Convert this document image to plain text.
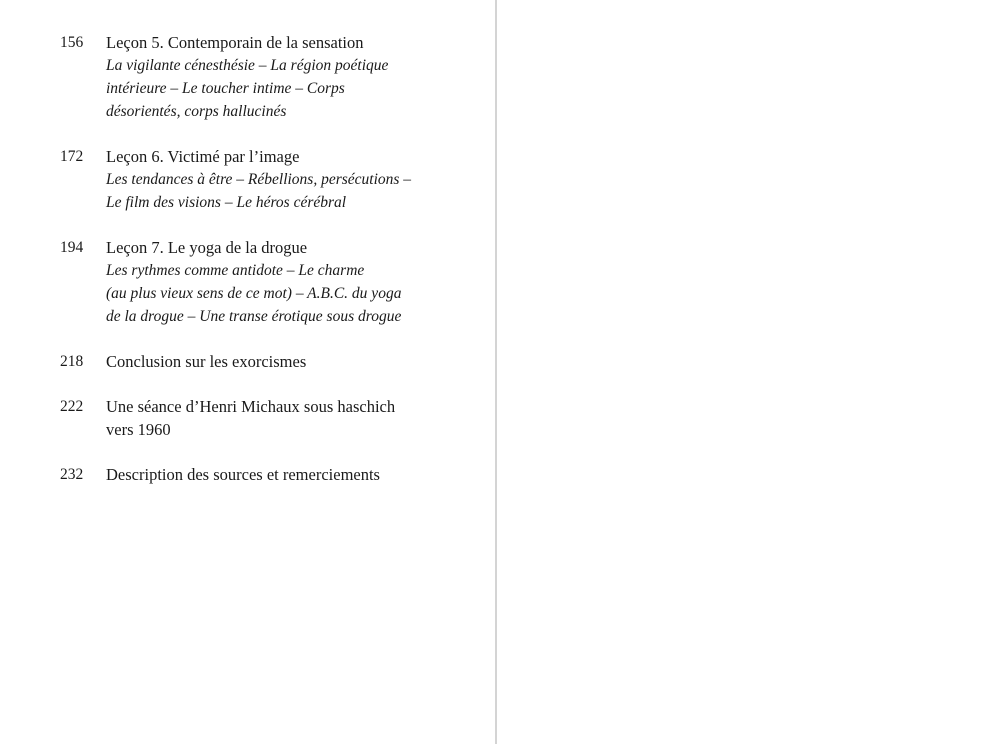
156	Leçon 5. Contemporain de la sensation
La vigilante cénesthésie – La région poétique
intérieure – Le toucher intime – Corps
désorientés, corps hallucinés
172	Leçon 6. Victimé par l’image
Les tendances à être – Rébellions, persécutions –
Le film des visions – Le héros cérébral
194	Leçon 7. Le yoga de la drogue
Les rythmes comme antidote – Le charme
(au plus vieux sens de ce mot) – A.B.C. du yoga
de la drogue – Une transe érotique sous drogue
218	Conclusion sur les exorcismes
222	Une séance d’Henri Michaux sous haschich
vers 1960
232	Description des sources et remerciements
